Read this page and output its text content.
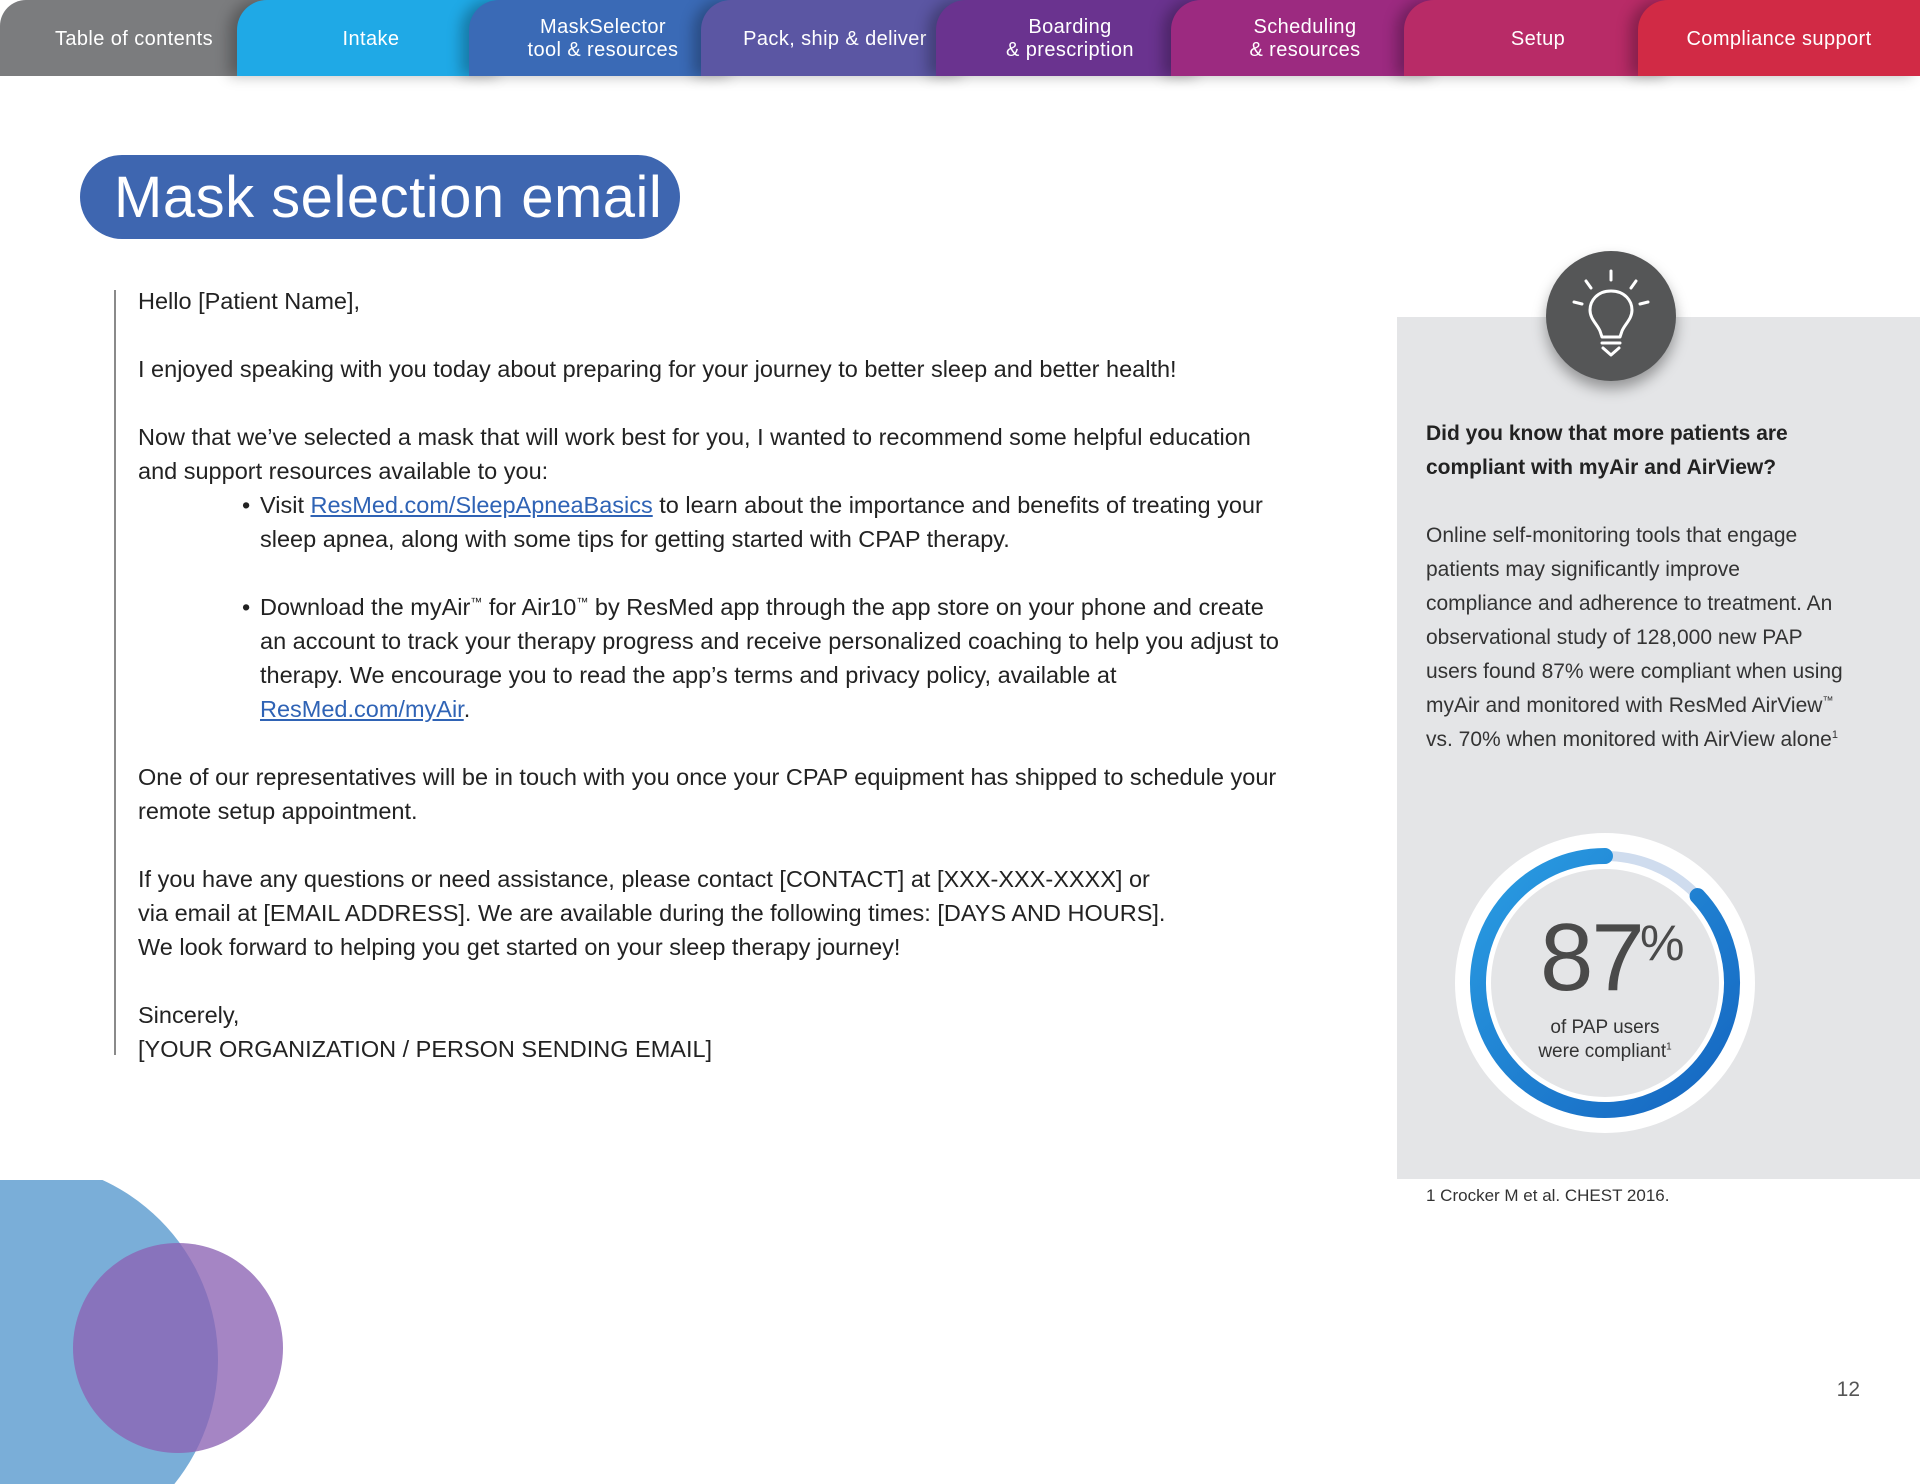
Table of contents	Intake
MaskSelector
tool & resources
Pack, ship & deliver
Boarding
& prescription
Scheduling
& resources
Setup	Compliance support
Mask selection email

Hello [Patient Name],

I enjoyed speaking with you today about preparing for your journey to better sleep and better health!

Now that we’ve selected a mask that will work best for you, I wanted to recommend some helpful education and support resources available to you:

• Visit ResMed.com/SleepApneaBasics to learn about the importance and benefits of treating your sleep apnea, along with some tips for getting started with CPAP therapy.
• Download the myAir™ for Air10™ by ResMed app through the app store on your phone and create an account to track your therapy progress and receive personalized coaching to help you adjust to therapy. We encourage you to read the app’s terms and privacy policy, available at ResMed.com/myAir.

One of our representatives will be in touch with you once your CPAP equipment has shipped to schedule your remote setup appointment.

If you have any questions or need assistance, please contact [CONTACT] at [XXX-XXX-XXXX] or
via email at [EMAIL ADDRESS]. We are available during the following times: [DAYS AND HOURS].
We look forward to helping you get started on your sleep therapy journey!

Sincerely,
[YOUR ORGANIZATION / PERSON SENDING EMAIL]

Did you know that more patients are compliant with myAir and AirView?
Online self-monitoring tools that engage patients may significantly improve compliance and adherence to treatment. An observational study of 128,000 new PAP users found 87% were compliant when using myAir and monitored with ResMed AirView™ vs. 70% when monitored with AirView alone$^1$
87
%
of PAP users
were compliant$^1$
1 Crocker M et al. CHEST 2016.
12
